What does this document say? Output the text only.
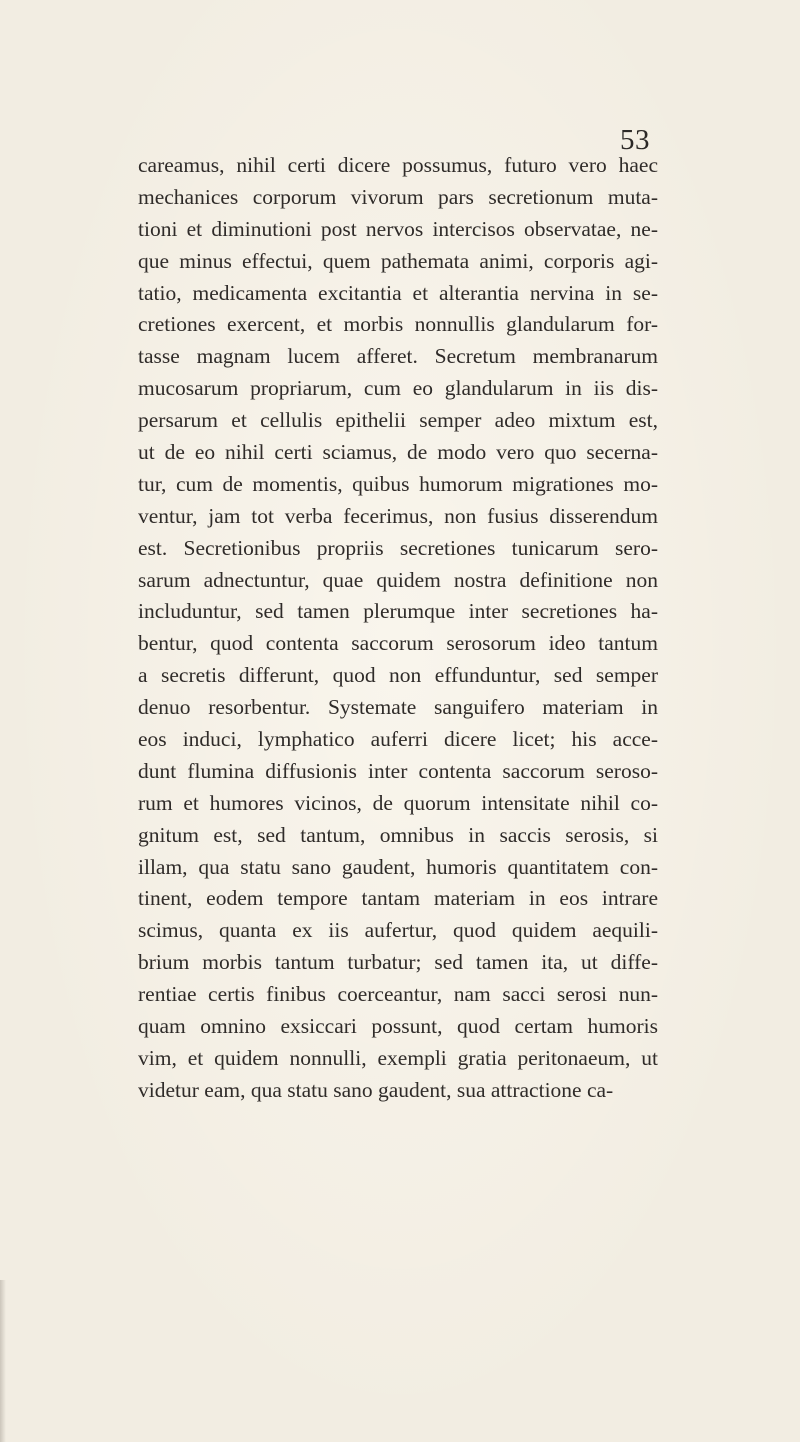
53
careamus, nihil certi dicere possumus, futuro vero haec
mechanices corporum vivorum pars secretionum muta-
tioni et diminutioni post nervos intercisos observatae, ne-
que minus effectui, quem pathemata animi, corporis agi-
tatio, medicamenta excitantia et alterantia nervina in se-
cretiones exercent, et morbis nonnullis glandularum for-
tasse magnam lucem afferet. Secretum membranarum
mucosarum propriarum, cum eo glandularum in iis dis-
persarum et cellulis epithelii semper adeo mixtum est,
ut de eo nihil certi sciamus, de modo vero quo secerna-
tur, cum de momentis, quibus humorum migrationes mo-
ventur, jam tot verba fecerimus, non fusius disserendum
est. Secretionibus propriis secretiones tunicarum sero-
sarum adnectuntur, quae quidem nostra definitione non
includuntur, sed tamen plerumque inter secretiones ha-
bentur, quod contenta saccorum serosorum ideo tantum
a secretis differunt, quod non effunduntur, sed semper
denuo resorbentur. Systemate sanguifero materiam in
eos induci, lymphatico auferri dicere licet; his acce-
dunt flumina diffusionis inter contenta saccorum seroso-
rum et humores vicinos, de quorum intensitate nihil co-
gnitum est, sed tantum, omnibus in saccis serosis, si
illam, qua statu sano gaudent, humoris quantitatem con-
tinent, eodem tempore tantam materiam in eos intrare
scimus, quanta ex iis aufertur, quod quidem aequili-
brium morbis tantum turbatur; sed tamen ita, ut diffe-
rentiae certis finibus coerceantur, nam sacci serosi nun-
quam omnino exsiccari possunt, quod certam humoris
vim, et quidem nonnulli, exempli gratia peritonaeum, ut
videtur eam, qua statu sano gaudent, sua attractione ca-
